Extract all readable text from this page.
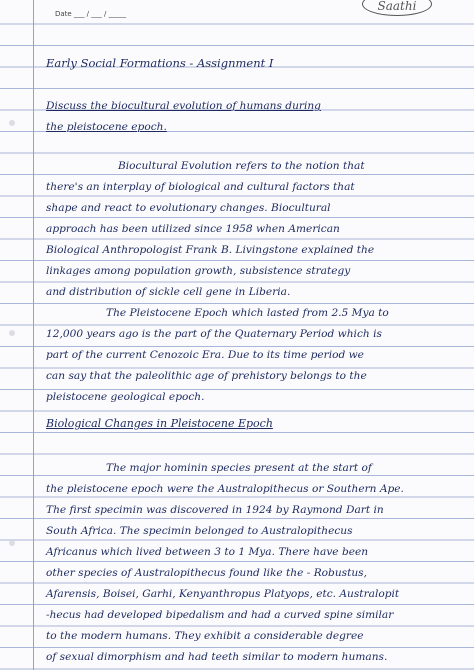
Date ___ / ___ / _____
Saathi

Early Social Formations - Assignment I

Discuss the biocultural evolution of humans during

the pleistocene epoch.

Biocultural Evolution refers to the notion that
there's an interplay of biological and cultural factors that
shape and react to evolutionary changes. Biocultural
approach has been utilized since 1958 when American
Biological Anthropologist Frank B. Livingstone explained the
linkages among population growth, subsistence strategy
and distribution of sickle cell gene in Liberia.
The Pleistocene Epoch which lasted from 2.5 Mya to
12,000 years ago is the part of the Quaternary Period which is
part of the current Cenozoic Era. Due to its time period we
can say that the paleolithic age of prehistory belongs to the
pleistocene geological epoch.

Biological Changes in Pleistocene Epoch

The major hominin species present at the start of
the pleistocene epoch were the Australopithecus or Southern Ape.
The first specimin was discovered in 1924 by Raymond Dart in
South Africa. The specimin belonged to Australopithecus
Africanus which lived between 3 to 1 Mya. There have been
other species of Australopithecus found like the - Robustus,
Afarensis, Boisei, Garhi, Kenyanthropus Platyops, etc. Australopit
-hecus had developed bipedalism and had a curved spine similar
to the modern humans. They exhibit a considerable degree
of sexual dimorphism and had teeth similar to modern humans.
